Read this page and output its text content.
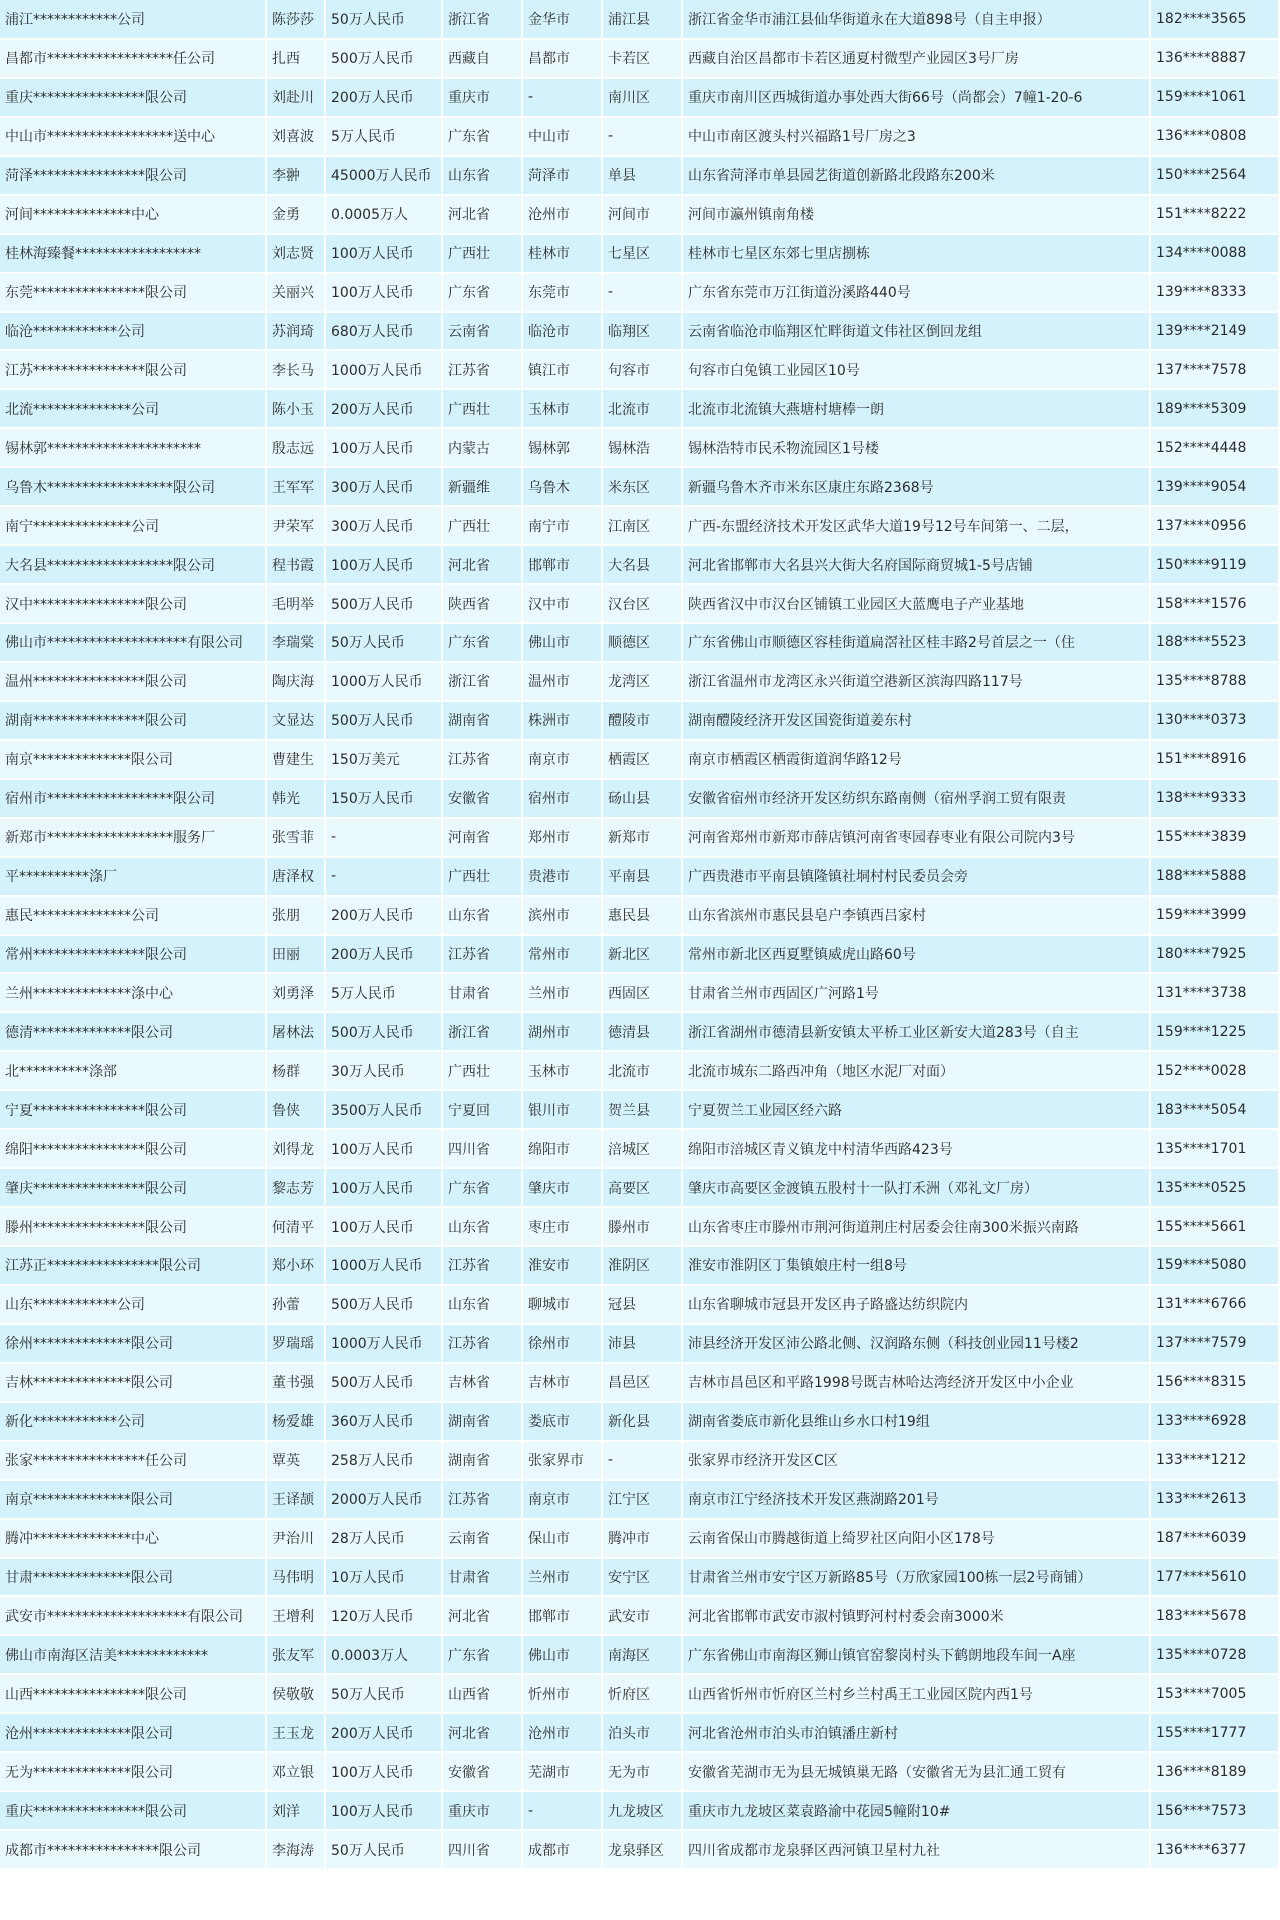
浦江************公司	陈莎莎	50万人民币	浙江省	金华市	浦江县	浙江省金华市浦江县仙华街道永在大道898号（自主申报）	182****3565
昌都市******************任公司	扎西	500万人民币	西藏自	昌都市	卡若区	西藏自治区昌都市卡若区通夏村微型产业园区3号厂房	136****8887
重庆****************限公司	刘赴川	200万人民币	重庆市	-	南川区	重庆市南川区西城街道办事处西大街66号（尚都会）7幢1-20-6	159****1061
中山市******************送中心	刘喜波	5万人民币	广东省	中山市	-	中山市南区渡头村兴福路1号厂房之3	136****0808
菏泽****************限公司	李翀	45000万人民币	山东省	菏泽市	单县	山东省菏泽市单县园艺街道创新路北段路东200米	150****2564
河间**************中心	金勇	0.0005万人	河北省	沧州市	河间市	河间市瀛州镇南角楼	151****8222
桂林海臻餐******************	刘志贤	100万人民币	广西壮	桂林市	七星区	桂林市七星区东郊七里店捌栋	134****0088
东莞****************限公司	关丽兴	100万人民币	广东省	东莞市	-	广东省东莞市万江街道汾溪路440号	139****8333
临沧************公司	苏润琦	680万人民币	云南省	临沧市	临翔区	云南省临沧市临翔区忙畔街道文伟社区倒回龙组	139****2149
江苏****************限公司	李长马	1000万人民币	江苏省	镇江市	句容市	句容市白兔镇工业园区10号	137****7578
北流**************公司	陈小玉	200万人民币	广西壮	玉林市	北流市	北流市北流镇大燕塘村塘棒一朗	189****5309
锡林郭**********************	殷志远	100万人民币	内蒙古	锡林郭	锡林浩	锡林浩特市民禾物流园区1号楼	152****4448
乌鲁木******************限公司	王军军	300万人民币	新疆维	乌鲁木	米东区	新疆乌鲁木齐市米东区康庄东路2368号	139****9054
南宁**************公司	尹荣军	300万人民币	广西壮	南宁市	江南区	广西-东盟经济技术开发区武华大道19号12号车间第一、二层，	137****0956
大名县******************限公司	程书霞	100万人民币	河北省	邯郸市	大名县	河北省邯郸市大名县兴大街大名府国际商贸城1-5号店铺	150****9119
汉中****************限公司	毛明举	500万人民币	陕西省	汉中市	汉台区	陕西省汉中市汉台区铺镇工业园区大蓝鹰电子产业基地	158****1576
佛山市********************有限公司	李瑞棠	50万人民币	广东省	佛山市	顺德区	广东省佛山市顺德区容桂街道扁滘社区桂丰路2号首层之一（住	188****5523
温州****************限公司	陶庆海	1000万人民币	浙江省	温州市	龙湾区	浙江省温州市龙湾区永兴街道空港新区滨海四路117号	135****8788
湖南****************限公司	文显达	500万人民币	湖南省	株洲市	醴陵市	湖南醴陵经济开发区国瓷街道姜东村	130****0373
南京**************限公司	曹建生	150万美元	江苏省	南京市	栖霞区	南京市栖霞区栖霞街道润华路12号	151****8916
宿州市******************限公司	韩光	150万人民币	安徽省	宿州市	砀山县	安徽省宿州市经济开发区纺织东路南侧（宿州孚润工贸有限责	138****9333
新郑市******************服务厂	张雪菲	-	河南省	郑州市	新郑市	河南省郑州市新郑市薛店镇河南省枣园春枣业有限公司院内3号	155****3839
平**********涤厂	唐泽权	-	广西壮	贵港市	平南县	广西贵港市平南县镇隆镇社垌村村民委员会旁	188****5888
惠民**************公司	张朋	200万人民币	山东省	滨州市	惠民县	山东省滨州市惠民县皂户李镇西吕家村	159****3999
常州****************限公司	田丽	200万人民币	江苏省	常州市	新北区	常州市新北区西夏墅镇威虎山路60号	180****7925
兰州**************涤中心	刘勇泽	5万人民币	甘肃省	兰州市	西固区	甘肃省兰州市西固区广河路1号	131****3738
德清**************限公司	屠林法	500万人民币	浙江省	湖州市	德清县	浙江省湖州市德清县新安镇太平桥工业区新安大道283号（自主	159****1225
北**********涤部	杨群	30万人民币	广西壮	玉林市	北流市	北流市城东二路西冲角（地区水泥厂对面）	152****0028
宁夏****************限公司	鲁侠	3500万人民币	宁夏回	银川市	贺兰县	宁夏贺兰工业园区经六路	183****5054
绵阳****************限公司	刘得龙	100万人民币	四川省	绵阳市	涪城区	绵阳市涪城区青义镇龙中村清华西路423号	135****1701
肇庆****************限公司	黎志芳	100万人民币	广东省	肇庆市	高要区	肇庆市高要区金渡镇五股村十一队打禾洲（邓礼文厂房）	135****0525
滕州****************限公司	何清平	100万人民币	山东省	枣庄市	滕州市	山东省枣庄市滕州市荆河街道荆庄村居委会往南300米振兴南路	155****5661
江苏正****************限公司	郑小环	1000万人民币	江苏省	淮安市	淮阴区	淮安市淮阴区丁集镇娘庄村一组8号	159****5080
山东************公司	孙蕾	500万人民币	山东省	聊城市	冠县	山东省聊城市冠县开发区冉子路盛达纺织院内	131****6766
徐州**************限公司	罗瑞瑶	1000万人民币	江苏省	徐州市	沛县	沛县经济开发区沛公路北侧、汉润路东侧（科技创业园11号楼2	137****7579
吉林**************限公司	董书强	500万人民币	吉林省	吉林市	昌邑区	吉林市昌邑区和平路1998号既吉林哈达湾经济开发区中小企业	156****8315
新化************公司	杨爱雄	360万人民币	湖南省	娄底市	新化县	湖南省娄底市新化县维山乡水口村19组	133****6928
张家****************任公司	覃英	258万人民币	湖南省	张家界市	-	张家界市经济开发区C区	133****1212
南京**************限公司	王译颉	2000万人民币	江苏省	南京市	江宁区	南京市江宁经济技术开发区燕湖路201号	133****2613
腾冲**************中心	尹治川	28万人民币	云南省	保山市	腾冲市	云南省保山市腾越街道上绮罗社区向阳小区178号	187****6039
甘肃**************限公司	马伟明	10万人民币	甘肃省	兰州市	安宁区	甘肃省兰州市安宁区万新路85号（万欣家园100栋一层2号商铺）	177****5610
武安市********************有限公司	王增利	120万人民币	河北省	邯郸市	武安市	河北省邯郸市武安市淑村镇野河村村委会南3000米	183****5678
佛山市南海区洁美*************	张友军	0.0003万人	广东省	佛山市	南海区	广东省佛山市南海区狮山镇官窑黎岗村头下鹤朗地段车间一A座	135****0728
山西****************限公司	侯敬敬	50万人民币	山西省	忻州市	忻府区	山西省忻州市忻府区兰村乡兰村禹王工业园区院内西1号	153****7005
沧州**************限公司	王玉龙	200万人民币	河北省	沧州市	泊头市	河北省沧州市泊头市泊镇潘庄新村	155****1777
无为**************限公司	邓立银	100万人民币	安徽省	芜湖市	无为市	安徽省芜湖市无为县无城镇巢无路（安徽省无为县汇通工贸有	136****8189
重庆****************限公司	刘洋	100万人民币	重庆市	-	九龙坡区	重庆市九龙坡区菜袁路渝中花园5幢附10#	156****7573
成都市****************限公司	李海涛	50万人民币	四川省	成都市	龙泉驿区	四川省成都市龙泉驿区西河镇卫星村九社	136****6377
